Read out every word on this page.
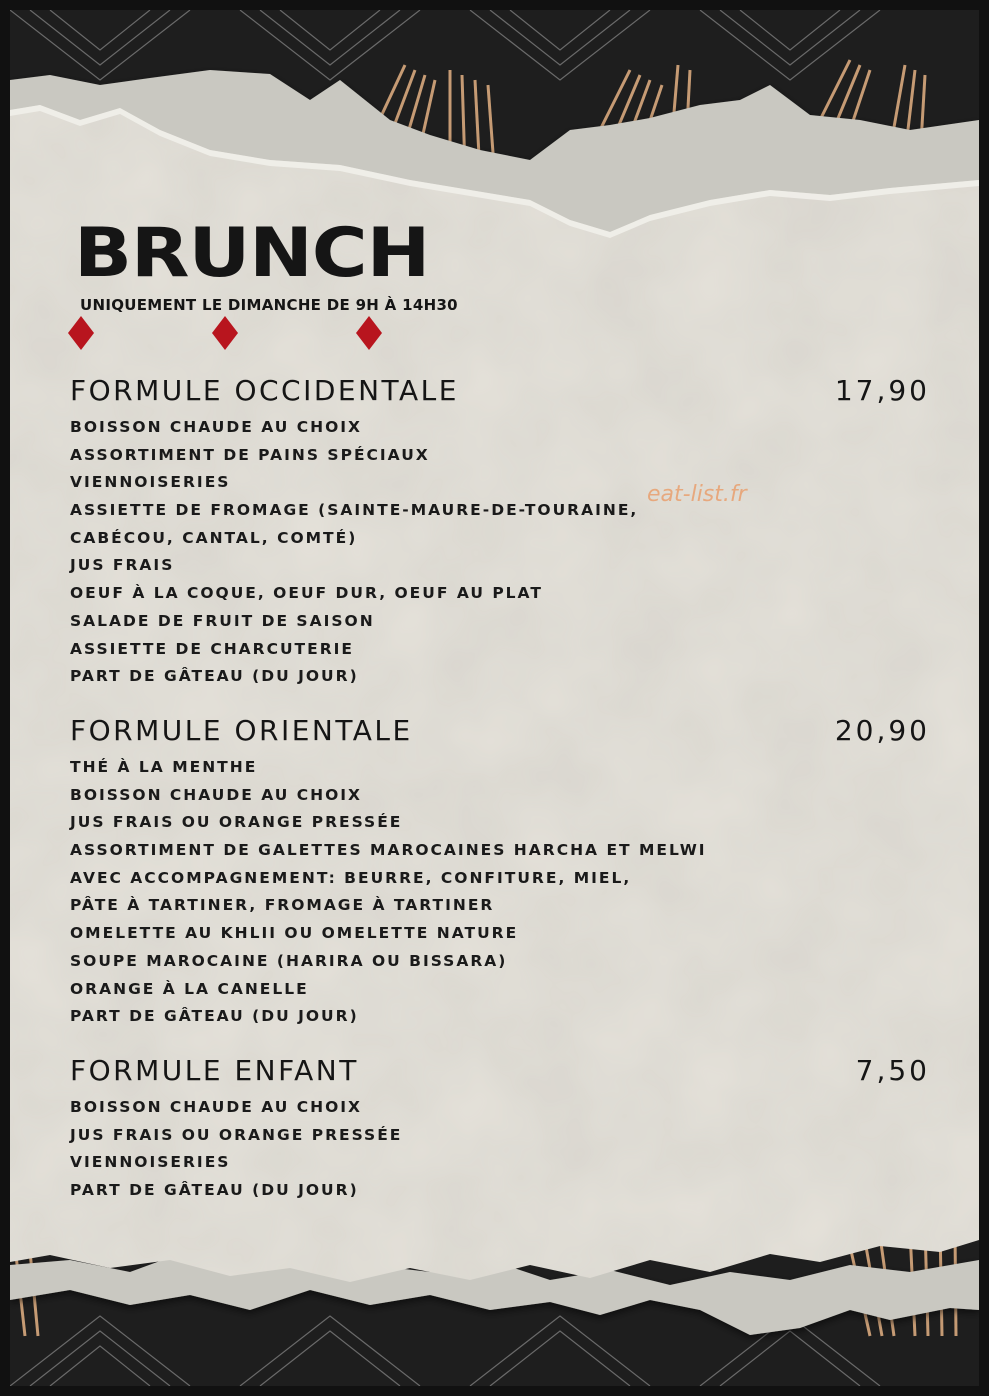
BRUNCH
UNIQUEMENT LE DIMANCHE DE 9H À 14H30
FORMULE OCCIDENTALE	17,90
BOISSON CHAUDE AU CHOIX
ASSORTIMENT DE PAINS SPÉCIAUX
VIENNOISERIES
ASSIETTE DE FROMAGE (SAINTE-MAURE-DE-TOURAINE,
CABÉCOU, CANTAL, COMTÉ)
JUS FRAIS
OEUF À LA COQUE, OEUF DUR, OEUF AU PLAT
SALADE DE FRUIT DE SAISON
ASSIETTE DE CHARCUTERIE
PART DE GÂTEAU (DU JOUR)
FORMULE ORIENTALE	20,90
THÉ À LA MENTHE
BOISSON CHAUDE AU CHOIX
JUS FRAIS OU ORANGE PRESSÉE
ASSORTIMENT DE GALETTES MAROCAINES HARCHA ET MELWI
AVEC ACCOMPAGNEMENT: BEURRE, CONFITURE, MIEL,
PÂTE À TARTINER, FROMAGE À TARTINER
OMELETTE AU KHLII OU OMELETTE NATURE
SOUPE MAROCAINE (HARIRA OU BISSARA)
ORANGE À LA CANELLE
PART DE GÂTEAU (DU JOUR)
FORMULE ENFANT	7,50
BOISSON CHAUDE AU CHOIX
JUS FRAIS OU ORANGE PRESSÉE
VIENNOISERIES
PART DE GÂTEAU (DU JOUR)
eat-list.fr
